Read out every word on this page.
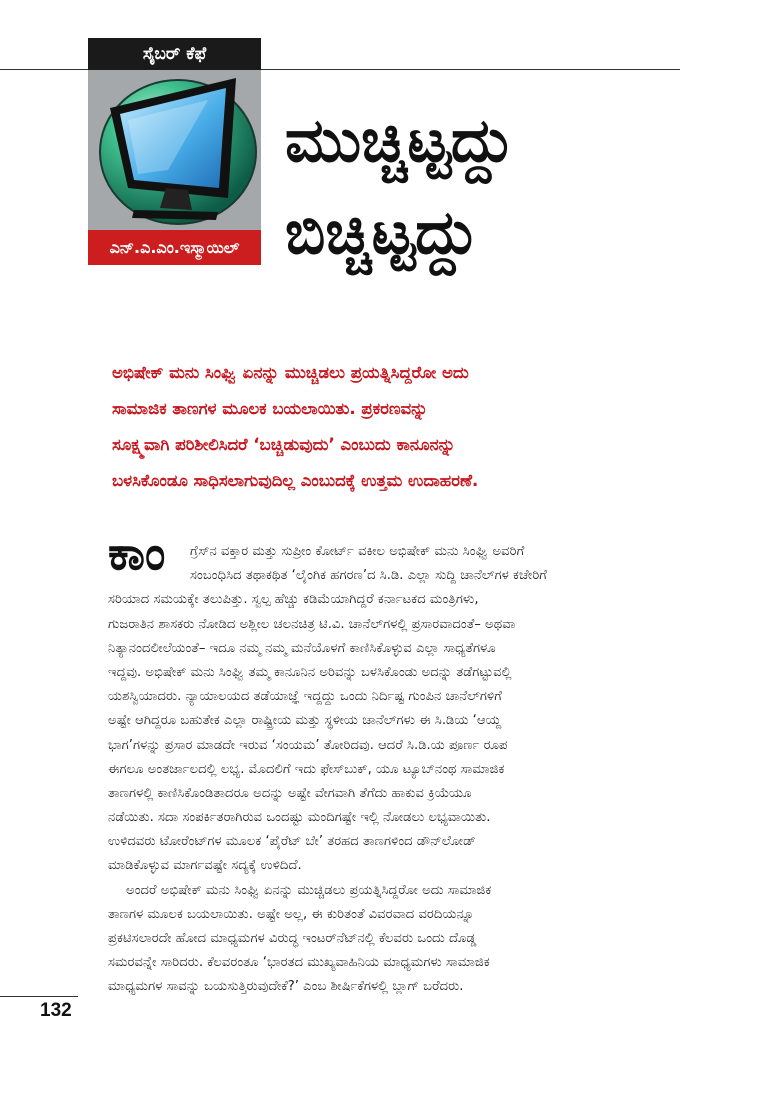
ಸೈಬರ್ ಕೆಫೆ
ಎನ್.ಎ.ಎಂ.ಇಸ್ಮಾಯಿಲ್
ಮುಚ್ಚಿಟ್ಟದ್ದು
ಬಿಚ್ಚಿಟ್ಟದ್ದು
ಅಭಿಷೇಕ್ ಮನು ಸಿಂಘ್ವಿ ಏನನ್ನು ಮುಚ್ಚಿಡಲು ಪ್ರಯತ್ನಿಸಿದ್ದರೋ ಅದು
ಸಾಮಾಜಿಕ ತಾಣಗಳ ಮೂಲಕ ಬಯಲಾಯಿತು. ಪ್ರಕರಣವನ್ನು
ಸೂಕ್ಷ್ಮವಾಗಿ ಪರಿಶೀಲಿಸಿದರೆ ‘ಬಚ್ಚಿಡುವುದು’ ಎಂಬುದು ಕಾನೂನನ್ನು
ಬಳಸಿಕೊಂಡೂ ಸಾಧಿಸಲಾಗುವುದಿಲ್ಲ ಎಂಬುದಕ್ಕೆ ಉತ್ತಮ ಉದಾಹರಣೆ.
ಕಾಂ	ಗ್ರೆಸ್‌ನ ವಕ್ತಾರ ಮತ್ತು ಸುಪ್ರೀಂ ಕೋರ್ಟ್ ವಕೀಲ ಅಭಿಷೇಕ್ ಮನು ಸಿಂಘ್ವಿ ಅವರಿಗೆ
ಸಂಬಂಧಿಸಿದ ತಥಾಕಥಿತ ‘ಲೈಂಗಿಕ ಹಗರಣ’ದ ಸಿ.ಡಿ. ಎಲ್ಲಾ ಸುದ್ದಿ ಚಾನೆಲ್‌ಗಳ ಕಚೇರಿಗೆ
ಸರಿಯಾದ ಸಮಯಕ್ಕೇ ತಲುಪಿತ್ತು. ಸ್ವಲ್ಪ ಹೆಚ್ಚು ಕಡಿಮೆಯಾಗಿದ್ದರೆ ಕರ್ನಾಟಕದ ಮಂತ್ರಿಗಳು,
ಗುಜರಾತಿನ ಶಾಸಕರು ನೋಡಿದ ಅಶ್ಲೀಲ ಚಲನಚಿತ್ರ ಟಿ.ವಿ. ಚಾನೆಲ್‌ಗಳಲ್ಲಿ ಪ್ರಸಾರವಾದಂತೆ– ಅಥವಾ
ನಿತ್ಯಾನಂದಲೀಲೆಯಂತೆ– ಇದೂ ನಮ್ಮ ನಮ್ಮ ಮನೆಯೊಳಗೆ ಕಾಣಿಸಿಕೊಳ್ಳುವ ಎಲ್ಲಾ ಸಾಧ್ಯತೆಗಳೂ
ಇದ್ದವು. ಅಭಿಷೇಕ್ ಮನು ಸಿಂಘ್ವಿ ತಮ್ಮ ಕಾನೂನಿನ ಅರಿವನ್ನು ಬಳಸಿಕೊಂಡು ಅದನ್ನು ತಡೆಗಟ್ಟುವಲ್ಲಿ
ಯಶಸ್ವಿಯಾದರು. ನ್ಯಾಯಾಲಯದ ತಡೆಯಾಜ್ಞೆ ಇದ್ದದ್ದು ಒಂದು ನಿರ್ದಿಷ್ಟ ಗುಂಪಿನ ಚಾನೆಲ್‌ಗಳಿಗೆ
ಅಷ್ಟೇ ಆಗಿದ್ದರೂ ಬಹುತೇಕ ಎಲ್ಲಾ ರಾಷ್ಟ್ರೀಯ ಮತ್ತು ಸ್ಥಳೀಯ ಚಾನೆಲ್‌ಗಳು ಈ ಸಿ.ಡಿಯ ‘ಆಯ್ದ
ಭಾಗ’ಗಳನ್ನು ಪ್ರಸಾರ ಮಾಡದೇ ಇರುವ ‘ಸಂಯಮ’ ತೋರಿದವು. ಆದರೆ ಸಿ.ಡಿ.ಯ ಪೂರ್ಣ ರೂಪ
ಈಗಲೂ ಅಂತರ್ಜಾಲದಲ್ಲಿ ಲಭ್ಯ. ಮೊದಲಿಗೆ ಇದು ಫೇಸ್‌ಬುಕ್, ಯೂ ಟ್ಯೂಬ್‌ನಂಥ ಸಾಮಾಜಿಕ
ತಾಣಗಳಲ್ಲಿ ಕಾಣಿಸಿಕೊಂಡಿತಾದರೂ ಅದನ್ನು ಅಷ್ಟೇ ವೇಗವಾಗಿ ತೆಗೆದು ಹಾಕುವ ಕ್ರಿಯೆಯೂ
ನಡೆಯಿತು. ಸದಾ ಸಂಪರ್ಕಿತರಾಗಿರುವ ಒಂದಷ್ಟು ಮಂದಿಗಷ್ಟೇ ಇಲ್ಲಿ ನೋಡಲು ಲಭ್ಯವಾಯಿತು.
ಉಳಿದವರು ಟೋರೆಂಟ್‌ಗಳ ಮೂಲಕ ‘ಪೈರೆಟ್ ಬೇ’ ತರಹದ ತಾಣಗಳಿಂದ ಡೌನ್‌ಲೋಡ್
ಮಾಡಿಕೊಳ್ಳುವ ಮಾರ್ಗವಷ್ಟೇ ಸದ್ಯಕ್ಕೆ ಉಳಿದಿದೆ.
ಅಂದರೆ ಅಭಿಷೇಕ್ ಮನು ಸಿಂಘ್ವಿ ಏನನ್ನು ಮುಚ್ಚಿಡಲು ಪ್ರಯತ್ನಿಸಿದ್ದರೋ ಅದು ಸಾಮಾಜಿಕ
ತಾಣಗಳ ಮೂಲಕ ಬಯಲಾಯಿತು. ಅಷ್ಟೇ ಅಲ್ಲ, ಈ ಕುರಿತಂತೆ ವಿವರವಾದ ವರದಿಯನ್ನೂ
ಪ್ರಕಟಿಸಲಾರದೇ ಹೋದ ಮಾಧ್ಯಮಗಳ ವಿರುದ್ಧ ಇಂಟರ್‌ನೆಟ್‌ನಲ್ಲಿ ಕೆಲವರು ಒಂದು ದೊಡ್ಡ
ಸಮರವನ್ನೇ ಸಾರಿದರು. ಕೆಲವರಂತೂ ‘ಭಾರತದ ಮುಖ್ಯವಾಹಿನಿಯ ಮಾಧ್ಯಮಗಳು ಸಾಮಾಜಿಕ
ಮಾಧ್ಯಮಗಳ ಸಾವನ್ನು ಬಯಸುತ್ತಿರುವುದೇಕೆ?’ ಎಂಬ ಶೀರ್ಷಿಕೆಗಳಲ್ಲಿ ಬ್ಲಾಗ್ ಬರೆದರು.
132
